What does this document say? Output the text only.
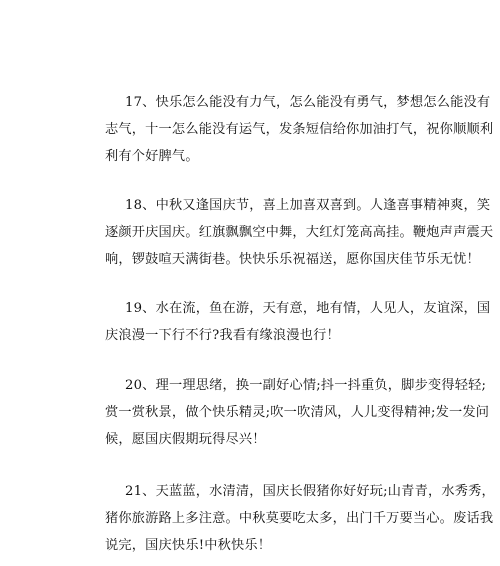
17、快乐怎么能没有力气，怎么能没有勇气，梦想怎么能没有
志气，十一怎么能没有运气，发条短信给你加油打气，祝你顺顺利
利有个好脾气。

18、中秋又逢国庆节，喜上加喜双喜到。人逢喜事精神爽，笑
逐颜开庆国庆。红旗飘飘空中舞，大红灯笼高高挂。鞭炮声声震天
响，锣鼓喧天满街巷。快快乐乐祝福送，愿你国庆佳节乐无忧！

19、水在流，鱼在游，天有意，地有情，人见人，友谊深，国
庆浪漫一下行不行?我看有缘浪漫也行！

20、理一理思绪，换一副好心情;抖一抖重负，脚步变得轻轻;
赏一赏秋景，做个快乐精灵;吹一吹清风，人儿变得精神;发一发问
候，愿国庆假期玩得尽兴！

21、天蓝蓝，水清清，国庆长假猪你好好玩;山青青，水秀秀，
猪你旅游路上多注意。中秋莫要吃太多，出门千万要当心。废话我
说完，国庆快乐!中秋快乐！
